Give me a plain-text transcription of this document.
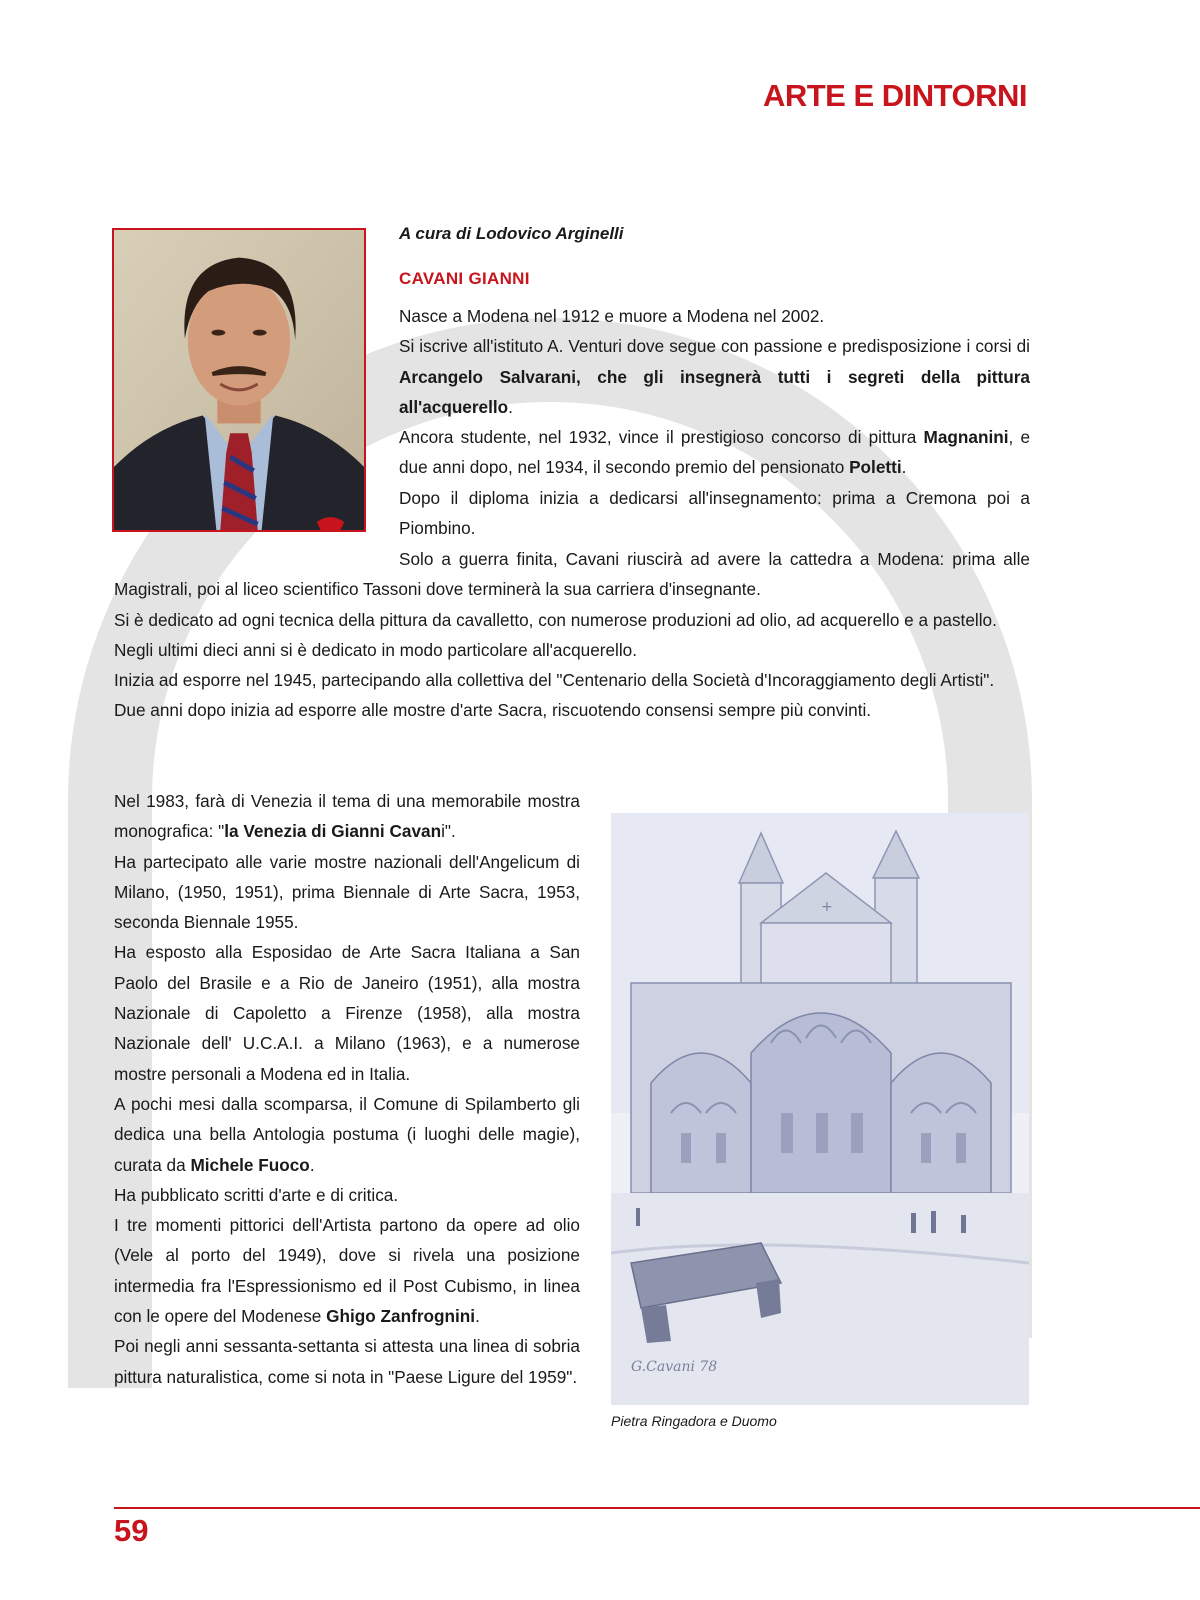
ARTE E DINTORNI

A cura di Lodovico Arginelli

CAVANI GIANNI

Nasce a Modena nel 1912 e muore a Modena nel 2002.

Si iscrive all'istituto A. Venturi dove segue con passione e predisposizione i corsi di Arcangelo Salvarani, che gli insegnerà tutti i segreti della pittura all'acquerello.

Ancora studente, nel 1932, vince il prestigioso concorso di pittura Magnanini, e due anni dopo, nel 1934, il secondo premio del pensionato Poletti.

Dopo il diploma inizia a dedicarsi all'insegnamento: prima a Cremona poi a Piombino.

Solo a guerra finita, Cavani riuscirà ad avere la cattedra a Modena: prima alle Magistrali, poi al liceo scientifico Tassoni dove terminerà la sua carriera d'insegnante.

Si è dedicato ad ogni tecnica della pittura da cavalletto, con numerose produzioni ad olio, ad acquerello e a pastello.

Negli ultimi dieci anni si è dedicato in modo particolare all'acquerello.

Inizia ad esporre nel 1945, partecipando alla collettiva del "Centenario della Società d'Incoraggiamento degli Artisti".

Due anni dopo inizia ad esporre alle mostre d'arte Sacra, riscuotendo consensi sempre più convinti.

Nel 1983, farà di Venezia il tema di una memorabile mostra monografica: "la Venezia di Gianni Cavani".

Ha partecipato alle varie mostre nazionali dell'Angelicum di Milano, (1950, 1951), prima Biennale di Arte Sacra, 1953, seconda Biennale 1955.

Ha esposto alla Esposidao de Arte Sacra Italiana a San Paolo del Brasile e a Rio de Janeiro (1951), alla mostra Nazionale di Capoletto a Firenze (1958), alla mostra Nazionale dell' U.C.A.I. a Milano (1963), e a numerose mostre personali a Modena ed in Italia.

A pochi mesi dalla scomparsa, il Comune di Spilamberto gli dedica una bella Antologia postuma (i luoghi delle magie), curata da Michele Fuoco.

Ha pubblicato scritti d'arte e di critica.

I tre momenti pittorici dell'Artista partono da opere ad olio (Vele al porto del 1949), dove si rivela una posizione intermedia fra l'Espressionismo ed il Post Cubismo, in linea con le opere del Modenese Ghigo Zanfrognini.

Poi negli anni sessanta-settanta si attesta una linea di sobria pittura naturalistica, come si nota in "Paese Ligure del 1959".

+
G.Cavani 78

Pietra Ringadora e Duomo

59
